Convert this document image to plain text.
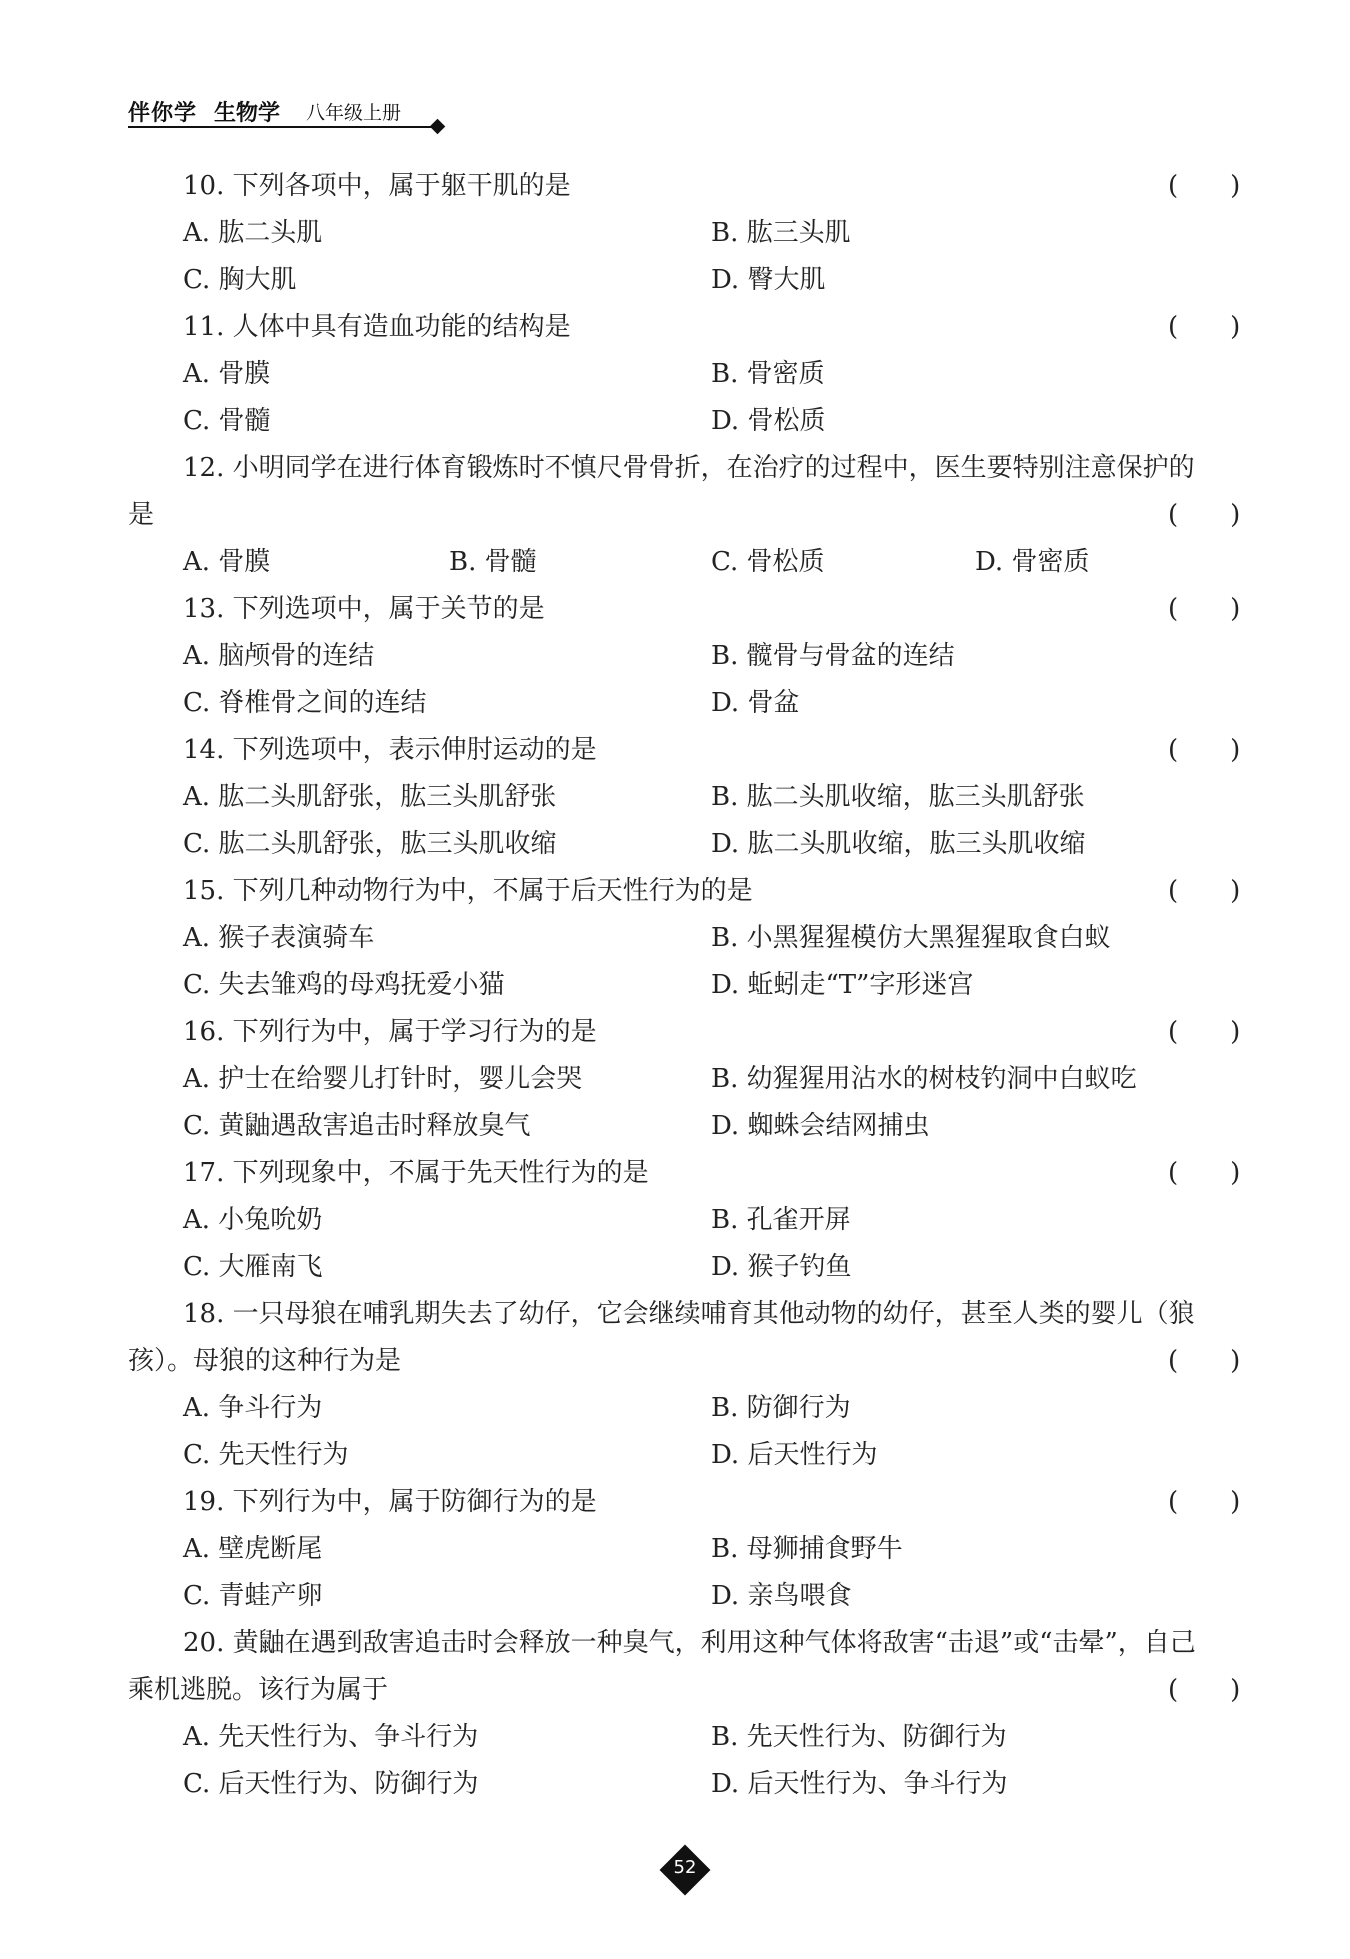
伴你学 生物学 八年级上册
10. 下列各项中，属于躯干肌的是	(　　)
A. 肱二头肌	B. 肱三头肌
C. 胸大肌	D. 臀大肌
11. 人体中具有造血功能的结构是	(　　)
A. 骨膜	B. 骨密质
C. 骨髓	D. 骨松质
12. 小明同学在进行体育锻炼时不慎尺骨骨折，在治疗的过程中，医生要特别注意保护的
是	(　　)
A. 骨膜	B. 骨髓	C. 骨松质	D. 骨密质
13. 下列选项中，属于关节的是	(　　)
A. 脑颅骨的连结	B. 髋骨与骨盆的连结
C. 脊椎骨之间的连结	D. 骨盆
14. 下列选项中，表示伸肘运动的是	(　　)
A. 肱二头肌舒张，肱三头肌舒张	B. 肱二头肌收缩，肱三头肌舒张
C. 肱二头肌舒张，肱三头肌收缩	D. 肱二头肌收缩，肱三头肌收缩
15. 下列几种动物行为中，不属于后天性行为的是	(　　)
A. 猴子表演骑车	B. 小黑猩猩模仿大黑猩猩取食白蚁
C. 失去雏鸡的母鸡抚爱小猫	D. 蚯蚓走“T”字形迷宫
16. 下列行为中，属于学习行为的是	(　　)
A. 护士在给婴儿打针时，婴儿会哭	B. 幼猩猩用沾水的树枝钓洞中白蚁吃
C. 黄鼬遇敌害追击时释放臭气	D. 蜘蛛会结网捕虫
17. 下列现象中，不属于先天性行为的是	(　　)
A. 小兔吮奶	B. 孔雀开屏
C. 大雁南飞	D. 猴子钓鱼
18. 一只母狼在哺乳期失去了幼仔，它会继续哺育其他动物的幼仔，甚至人类的婴儿（狼
孩）。母狼的这种行为是	(　　)
A. 争斗行为	B. 防御行为
C. 先天性行为	D. 后天性行为
19. 下列行为中，属于防御行为的是	(　　)
A. 壁虎断尾	B. 母狮捕食野牛
C. 青蛙产卵	D. 亲鸟喂食
20. 黄鼬在遇到敌害追击时会释放一种臭气，利用这种气体将敌害“击退”或“击晕”，自己
乘机逃脱。该行为属于	(　　)
A. 先天性行为、争斗行为	B. 先天性行为、防御行为
C. 后天性行为、防御行为	D. 后天性行为、争斗行为
52
